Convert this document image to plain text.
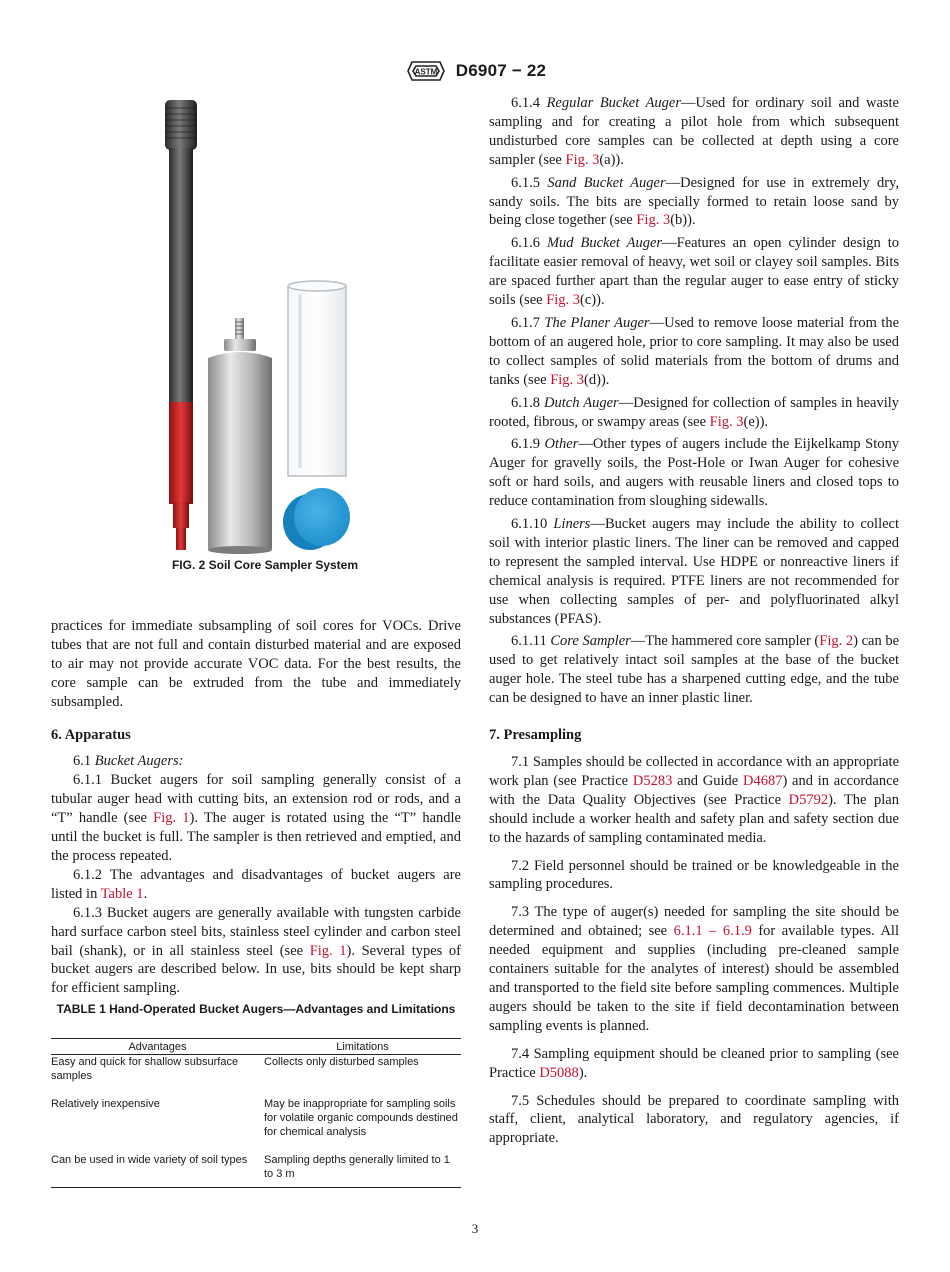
ASTM D6907 − 22
FIG. 2 Soil Core Sampler System

practices for immediate subsampling of soil cores for VOCs. Drive tubes that are not full and contain disturbed material and are exposed to air may not provide accurate VOC data. For the best results, the core sample can be extruded from the tube and immediately subsampled.

6. Apparatus

6.1 Bucket Augers:

6.1.1 Bucket augers for soil sampling generally consist of a tubular auger head with cutting bits, an extension rod or rods, and a “T” handle (see Fig. 1). The auger is rotated using the “T” handle until the bucket is full. The sampler is then retrieved and emptied, and the process repeated.

6.1.2 The advantages and disadvantages of bucket augers are listed in Table 1.

6.1.3 Bucket augers are generally available with tungsten carbide hard surface carbon steel bits, stainless steel cylinder and carbon steel bail (shank), or in all stainless steel (see Fig. 1). Several types of bucket augers are described below. In use, bits should be kept sharp for efficient sampling.

TABLE 1 Hand-Operated Bucket Augers—Advantages and Limitations
Advantages	Limitations
Easy and quick for shallow subsurface samples	Collects only disturbed samples
Relatively inexpensive	May be inappropriate for sampling soils for volatile organic compounds destined for chemical analysis
Can be used in wide variety of soil types	Sampling depths generally limited to 1 to 3 m

6.1.4 Regular Bucket Auger—Used for ordinary soil and waste sampling and for creating a pilot hole from which subsequent undisturbed core samples can be collected at depth using a core sampler (see Fig. 3(a)).

6.1.5 Sand Bucket Auger—Designed for use in extremely dry, sandy soils. The bits are specially formed to retain loose sand by being close together (see Fig. 3(b)).

6.1.6 Mud Bucket Auger—Features an open cylinder design to facilitate easier removal of heavy, wet soil or clayey soil samples. Bits are spaced further apart than the regular auger to ease entry of sticky soils (see Fig. 3(c)).

6.1.7 The Planer Auger—Used to remove loose material from the bottom of an augered hole, prior to core sampling. It may also be used to collect samples of solid materials from the bottom of drums and tanks (see Fig. 3(d)).

6.1.8 Dutch Auger—Designed for collection of samples in heavily rooted, fibrous, or swampy areas (see Fig. 3(e)).

6.1.9 Other—Other types of augers include the Eijkelkamp Stony Auger for gravelly soils, the Post-Hole or Iwan Auger for cohesive soft or hard soils, and augers with reusable liners and closed tops to reduce contamination from sloughing sidewalls.

6.1.10 Liners—Bucket augers may include the ability to collect soil with interior plastic liners. The liner can be removed and capped to represent the sampled interval. Use HDPE or nonreactive liners if chemical analysis is required. PTFE liners are not recommended for use when collecting samples of per- and polyfluorinated alkyl substances (PFAS).

6.1.11 Core Sampler—The hammered core sampler (Fig. 2) can be used to get relatively intact soil samples at the base of the bucket auger hole. The steel tube has a sharpened cutting edge, and the tube can be designed to have an inner plastic liner.

7. Presampling

7.1 Samples should be collected in accordance with an appropriate work plan (see Practice D5283 and Guide D4687) and in accordance with the Data Quality Objectives (see Practice D5792). The plan should include a worker health and safety plan and safety section due to the hazards of sampling contaminated media.

7.2 Field personnel should be trained or be knowledgeable in the sampling procedures.

7.3 The type of auger(s) needed for sampling the site should be determined and obtained; see 6.1.1 – 6.1.9 for available types. All needed equipment and supplies (including pre-cleaned sample containers suitable for the analytes of interest) should be assembled and transported to the field site before sampling commences. Multiple augers should be taken to the site if field decontamination between sampling events is planned.

7.4 Sampling equipment should be cleaned prior to sampling (see Practice D5088).

7.5 Schedules should be prepared to coordinate sampling with staff, client, analytical laboratory, and regulatory agencies, if appropriate.

3
